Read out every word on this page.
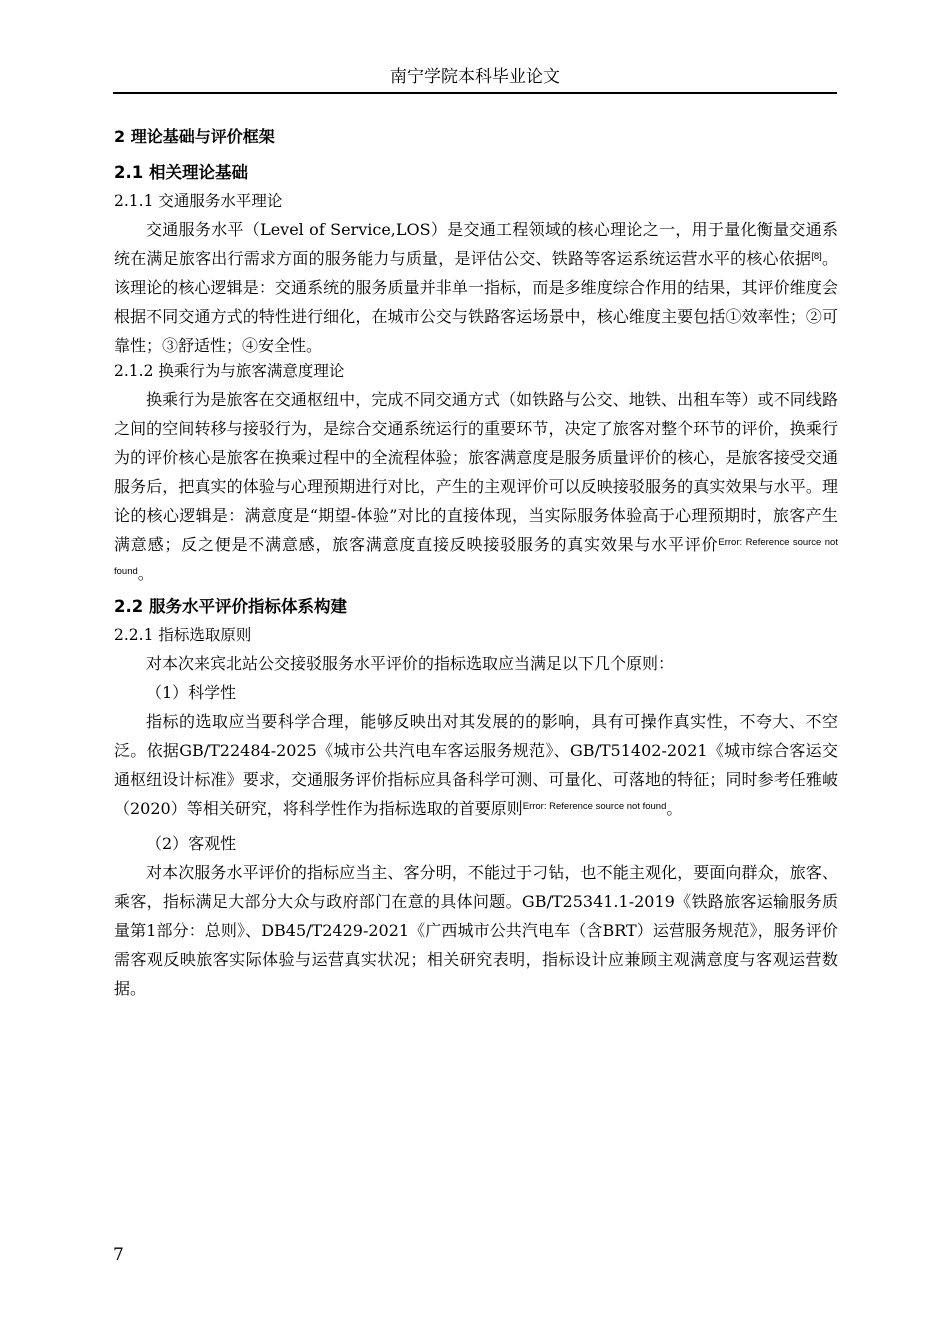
南宁学院本科毕业论文
2 理论基础与评价框架
2.1 相关理论基础
2.1.1 交通服务水平理论

交通服务水平（Level of Service,LOS）是交通工程领域的核心理论之一，用于量化衡量交通系统在满足旅客出行需求方面的服务能力与质量，是评估公交、铁路等客运系统运营水平的核心依据[8]。该理论的核心逻辑是：交通系统的服务质量并非单一指标，而是多维度综合作用的结果，其评价维度会根据不同交通方式的特性进行细化，在城市公交与铁路客运场景中，核心维度主要包括①效率性；②可靠性；③舒适性；④安全性。

2.1.2 换乘行为与旅客满意度理论

换乘行为是旅客在交通枢纽中，完成不同交通方式（如铁路与公交、地铁、出租车等）或不同线路之间的空间转移与接驳行为，是综合交通系统运行的重要环节，决定了旅客对整个环节的评价，换乘行为的评价核心是旅客在换乘过程中的全流程体验；旅客满意度是服务质量评价的核心，是旅客接受交通服务后，把真实的体验与心理预期进行对比，产生的主观评价可以反映接驳服务的真实效果与水平。理论的核心逻辑是：满意度是“期望-体验”对比的直接体现，当实际服务体验高于心理预期时，旅客产生满意感；反之便是不满意感，旅客满意度直接反映接驳服务的真实效果与水平评价$^{Error: Reference source not found}$。

2.2 服务水平评价指标体系构建
2.2.1 指标选取原则

对本次来宾北站公交接驳服务水平评价的指标选取应当满足以下几个原则：

（1）科学性

指标的选取应当要科学合理，能够反映出对其发展的的影响，具有可操作真实性，不夸大、不空泛。依据GB/T22484-2025《城市公共汽电车客运服务规范》、GB/T51402-2021《城市综合客运交通枢纽设计标准》要求，交通服务评价指标应具备科学可测、可量化、可落地的特征；同时参考任雅岥（2020）等相关研究，将科学性作为指标选取的首要原则$^{Error: Reference source not found}$。

（2）客观性

对本次服务水平评价的指标应当主、客分明，不能过于刁钻，也不能主观化，要面向群众，旅客、乘客，指标满足大部分大众与政府部门在意的具体问题。GB/T25341.1-2019《铁路旅客运输服务质量第1部分：总则》、DB45/T2429-2021《广西城市公共汽电车（含BRT）运营服务规范》，服务评价需客观反映旅客实际体验与运营真实状况；相关研究表明，指标设计应兼顾主观满意度与客观运营数据。

7
